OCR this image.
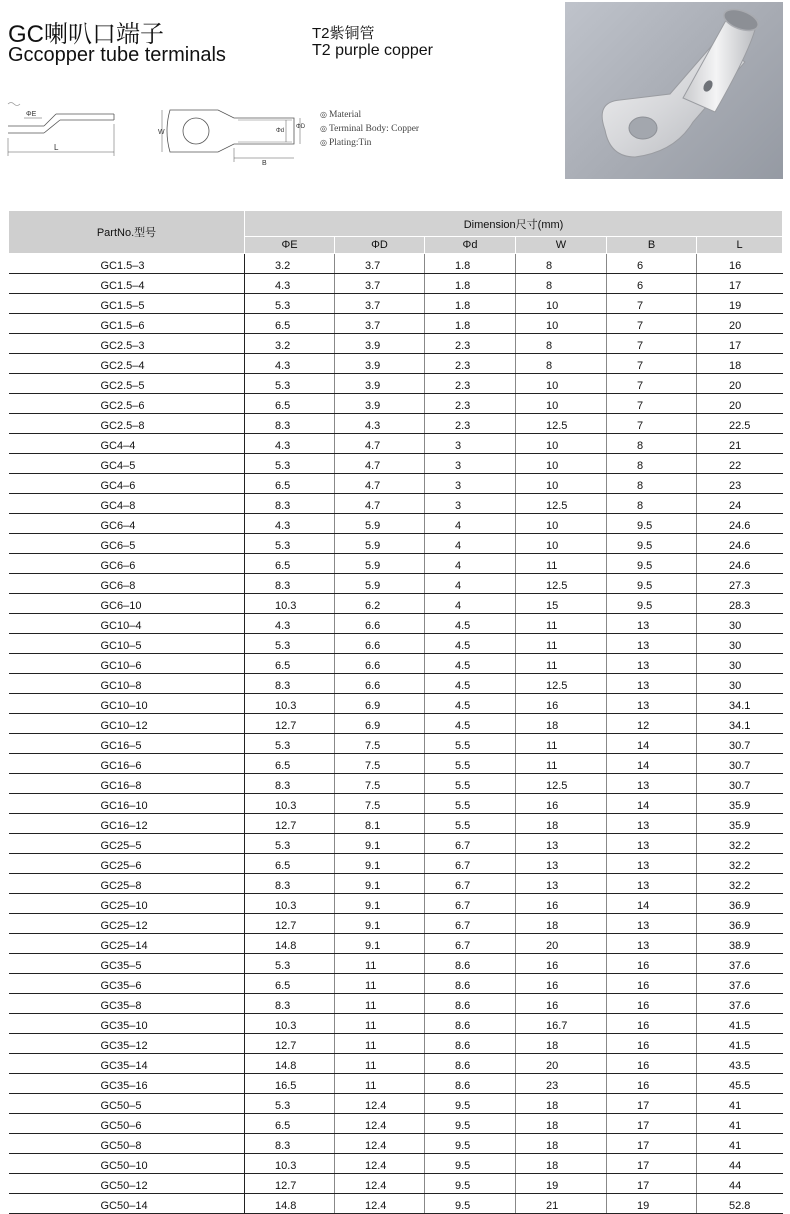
GC喇叭口端子
Gccopper tube terminals
T2紫铜管
T2 purple copper
ΦE
L
W
B
Φd
ΦD
◎ Material
◎ Terminal Body: Copper
◎ Plating:Tin
PartNo.型号	Dimension尺寸(mm)					
	ΦE	ΦD	Φd	W	B	L

GC1.5–3	3.2	3.7	1.8	8	6	16

GC1.5–4	4.3	3.7	1.8	8	6	17

GC1.5–5	5.3	3.7	1.8	10	7	19

GC1.5–6	6.5	3.7	1.8	10	7	20

GC2.5–3	3.2	3.9	2.3	8	7	17

GC2.5–4	4.3	3.9	2.3	8	7	18

GC2.5–5	5.3	3.9	2.3	10	7	20

GC2.5–6	6.5	3.9	2.3	10	7	20

GC2.5–8	8.3	4.3	2.3	12.5	7	22.5

GC4–4	4.3	4.7	3	10	8	21

GC4–5	5.3	4.7	3	10	8	22

GC4–6	6.5	4.7	3	10	8	23

GC4–8	8.3	4.7	3	12.5	8	24

GC6–4	4.3	5.9	4	10	9.5	24.6

GC6–5	5.3	5.9	4	10	9.5	24.6

GC6–6	6.5	5.9	4	11	9.5	24.6

GC6–8	8.3	5.9	4	12.5	9.5	27.3

GC6–10	10.3	6.2	4	15	9.5	28.3

GC10–4	4.3	6.6	4.5	11	13	30

GC10–5	5.3	6.6	4.5	11	13	30

GC10–6	6.5	6.6	4.5	11	13	30

GC10–8	8.3	6.6	4.5	12.5	13	30

GC10–10	10.3	6.9	4.5	16	13	34.1

GC10–12	12.7	6.9	4.5	18	12	34.1

GC16–5	5.3	7.5	5.5	11	14	30.7

GC16–6	6.5	7.5	5.5	11	14	30.7

GC16–8	8.3	7.5	5.5	12.5	13	30.7

GC16–10	10.3	7.5	5.5	16	14	35.9

GC16–12	12.7	8.1	5.5	18	13	35.9

GC25–5	5.3	9.1	6.7	13	13	32.2

GC25–6	6.5	9.1	6.7	13	13	32.2

GC25–8	8.3	9.1	6.7	13	13	32.2

GC25–10	10.3	9.1	6.7	16	14	36.9

GC25–12	12.7	9.1	6.7	18	13	36.9

GC25–14	14.8	9.1	6.7	20	13	38.9

GC35–5	5.3	11	8.6	16	16	37.6

GC35–6	6.5	11	8.6	16	16	37.6

GC35–8	8.3	11	8.6	16	16	37.6

GC35–10	10.3	11	8.6	16.7	16	41.5

GC35–12	12.7	11	8.6	18	16	41.5

GC35–14	14.8	11	8.6	20	16	43.5

GC35–16	16.5	11	8.6	23	16	45.5

GC50–5	5.3	12.4	9.5	18	17	41

GC50–6	6.5	12.4	9.5	18	17	41

GC50–8	8.3	12.4	9.5	18	17	41

GC50–10	10.3	12.4	9.5	18	17	44

GC50–12	12.7	12.4	9.5	19	17	44

GC50–14	14.8	12.4	9.5	21	19	52.8
